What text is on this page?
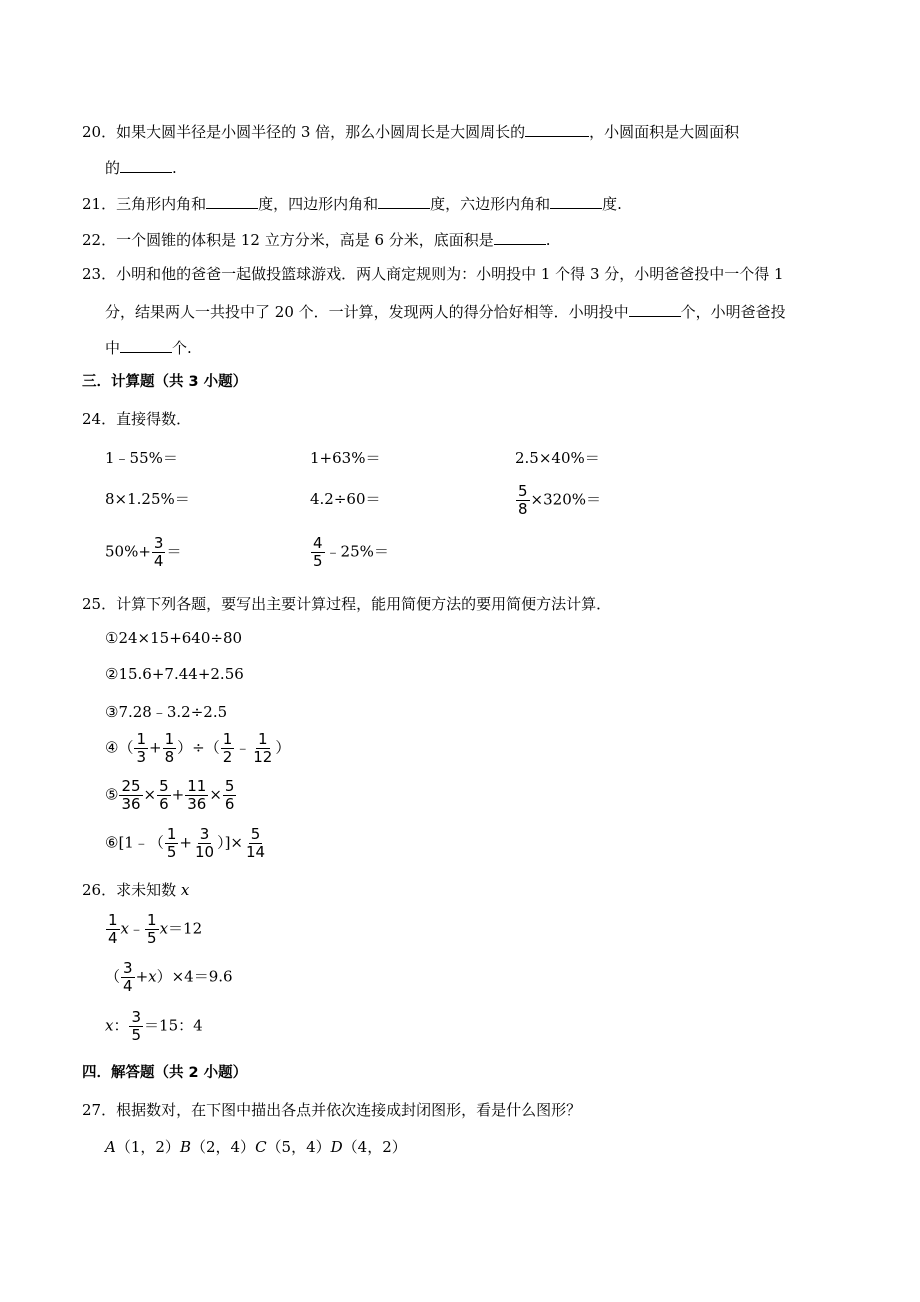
20．如果大圆半径是小圆半径的 3 倍，那么小圆周长是大圆周长的	，小圆面积是大圆面积
的	.
21．三角形内角和	度，四边形内角和	度，六边形内角和	度.
22．一个圆锥的体积是 12 立方分米，高是 6 分米，底面积是	.
23．小明和他的爸爸一起做投篮球游戏．两人商定规则为：小明投中 1 个得 3 分，小明爸爸投中一个得 1
分，结果两人一共投中了 20 个．一计算，发现两人的得分恰好相等．小明投中	个，小明爸爸投
中	个.
三．计算题（共 3 小题）
24．直接得数．
1﹣55%＝	1+63%＝	2.5×40%＝
8×1.25%＝	4.2÷60＝	$\frac{5}{8} \times 320\%=$
$50\%+ \frac{3}{4}$ ＝	$\frac{4}{5}$ ﹣25%＝
25．计算下列各题，要写出主要计算过程，能用简便方法的要用简便方法计算．
①24×15+640÷80
②15.6+7.44+2.56
③7.28﹣3.2÷2.5
④（ $\frac{1}{3} + \frac{1}{8}$ ）÷（ $\frac{1}{2}$ ﹣ $\frac{1}{12}$ ）
⑤ $\frac{25}{36} \times \frac{5}{6} + \frac{11}{36} \times \frac{5}{6}$
⑥[1﹣（ $\frac{1}{5} + \frac{3}{10}$ ）]× $\frac{5}{14}$
26．求未知数 x
$\frac{1}{4}$ x﹣ $\frac{1}{5} x=12$
（ $\frac{3}{4} +x)\times 4=9.6$
x： $\frac{3}{5} =15$：4
四．解答题（共 2 小题）
27．根据数对，在下图中描出各点并依次连接成封闭图形，看是什么图形？
A（1，2）B（2，4）C（5，4）D（4，2）
